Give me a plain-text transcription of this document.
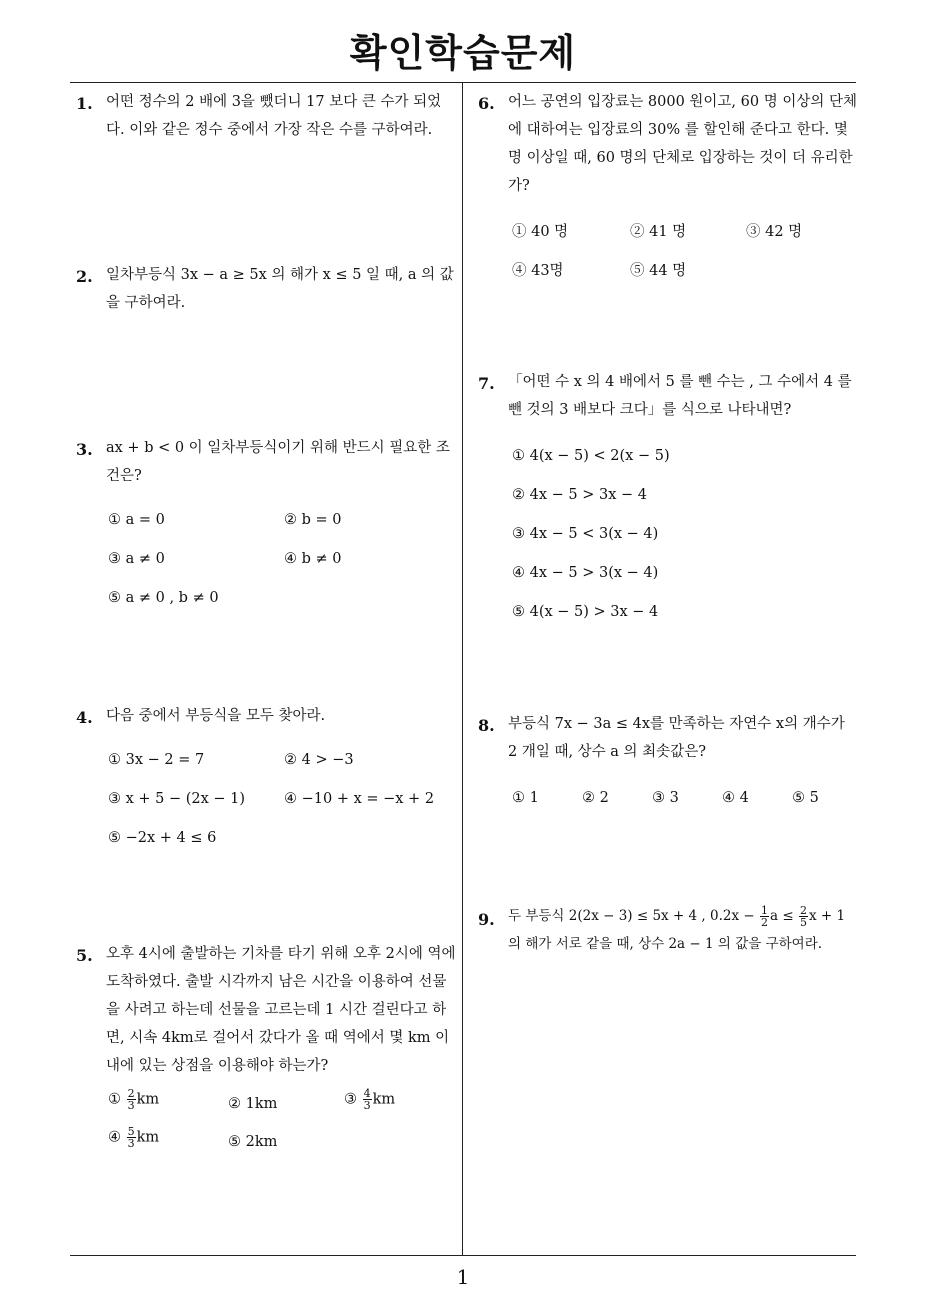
확인학습문제
1
1. 어떤 정수의 2 배에 3을 뺐더니 17 보다 큰 수가 되었다. 이와 같은 정수 중에서 가장 작은 수를 구하여라.

2. 일차부등식 3x − a ≥ 5x 의 해가 x ≤ 5 일 때, a 의 값을 구하여라.

3. ax + b < 0 이 일차부등식이기 위해 반드시 필요한 조건은?

① a = 0	② b = 0
③ a ≠ 0	④ b ≠ 0
⑤ a ≠ 0 , b ≠ 0
4. 다음 중에서 부등식을 모두 찾아라.

① 3x − 2 = 7	② 4 > −3
③ x + 5 − (2x − 1)	④ −10 + x = −x + 2
⑤ −2x + 4 ≤ 6
5. 오후 4시에 출발하는 기차를 타기 위해 오후 2시에 역에 도착하였다. 출발 시각까지 남은 시간을 이용하여 선물을 사려고 하는데 선물을 고르는데 1 시간 걸린다고 하면, 시속 4km로 걸어서 갔다가 올 때 역에서 몇 km 이내에 있는 상점을 이용해야 하는가?

① $\frac{2}{3}$ km	② 1km	③ $\frac{4}{3}$ km
④ $\frac{5}{3}$ km	⑤ 2km
6. 어느 공연의 입장료는 8000 원이고, 60 명 이상의 단체에 대하여는 입장료의 30% 를 할인해 준다고 한다. 몇 명 이상일 때, 60 명의 단체로 입장하는 것이 더 유리한가?

① 40 명	② 41 명	③ 42 명
④ 43명	⑤ 44 명
7. 「어떤 수 x 의 4 배에서 5 를 뺀 수는 , 그 수에서 4 를 뺀 것의 3 배보다 크다」를 식으로 나타내면?

① 4(x − 5) < 2(x − 5)
② 4x − 5 > 3x − 4
③ 4x − 5 < 3(x − 4)
④ 4x − 5 > 3(x − 4)
⑤ 4(x − 5) > 3x − 4
8. 부등식 7x − 3a ≤ 4x를 만족하는 자연수 x의 개수가 2 개일 때, 상수 a 의 최솟값은?

① 1	② 2	③ 3	④ 4	⑤ 5
9. 두 부등식 2(2x − 3) ≤ 5x + 4 , $0.2x - \frac{1}{2}$ $a \le \frac{2}{5}$ x + 1
의 해가 서로 같을 때, 상수 2a − 1 의 값을 구하여라.
